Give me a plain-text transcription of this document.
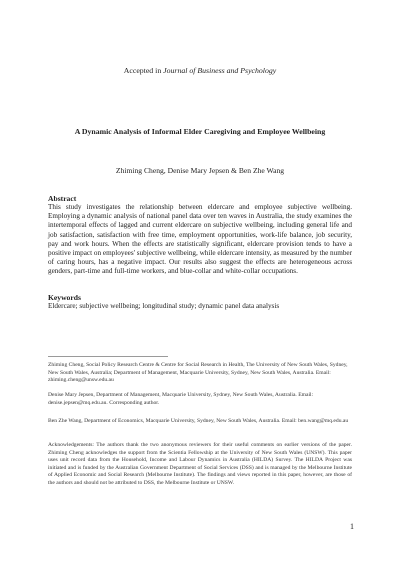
Accepted in Journal of Business and Psychology
A Dynamic Analysis of Informal Elder Caregiving and Employee Wellbeing
Zhiming Cheng, Denise Mary Jepsen & Ben Zhe Wang
Abstract
This study investigates the relationship between eldercare and employee subjective wellbeing. Employing a dynamic analysis of national panel data over ten waves in Australia, the study examines the intertemporal effects of lagged and current eldercare on subjective wellbeing, including general life and job satisfaction, satisfaction with free time, employment opportunities, work-life balance, job security, pay and work hours. When the effects are statistically significant, eldercare provision tends to have a positive impact on employees' subjective wellbeing, while eldercare intensity, as measured by the number of caring hours, has a negative impact. Our results also suggest the effects are heterogeneous across genders, part-time and full-time workers, and blue-collar and white-collar occupations.
Keywords
Eldercare; subjective wellbeing; longitudinal study; dynamic panel data analysis
Zhiming Cheng, Social Policy Research Centre & Centre for Social Research in Health, The University of New South Wales, Sydney, New South Wales, Australia; Department of Management, Macquarie University, Sydney, New South Wales, Australia. Email: zhiming.cheng@unsw.edu.au
Denise Mary Jepsen, Department of Management, Macquarie University, Sydney, New South Wales, Australia. Email: denise.jepsen@mq.edu.au. Corresponding author.
Ben Zhe Wang, Department of Economics, Macquarie University, Sydney, New South Wales, Australia. Email: ben.wang@mq.edu.au
Acknowledgements: The authors thank the two anonymous reviewers for their useful comments on earlier versions of the paper. Zhiming Cheng acknowledges the support from the Scientia Fellowship at the University of New South Wales (UNSW). This paper uses unit record data from the Household, Income and Labour Dynamics in Australia (HILDA) Survey. The HILDA Project was initiated and is funded by the Australian Government Department of Social Services (DSS) and is managed by the Melbourne Institute of Applied Economic and Social Research (Melbourne Institute). The findings and views reported in this paper, however, are those of the authors and should not be attributed to DSS, the Melbourne Institute or UNSW.
1
